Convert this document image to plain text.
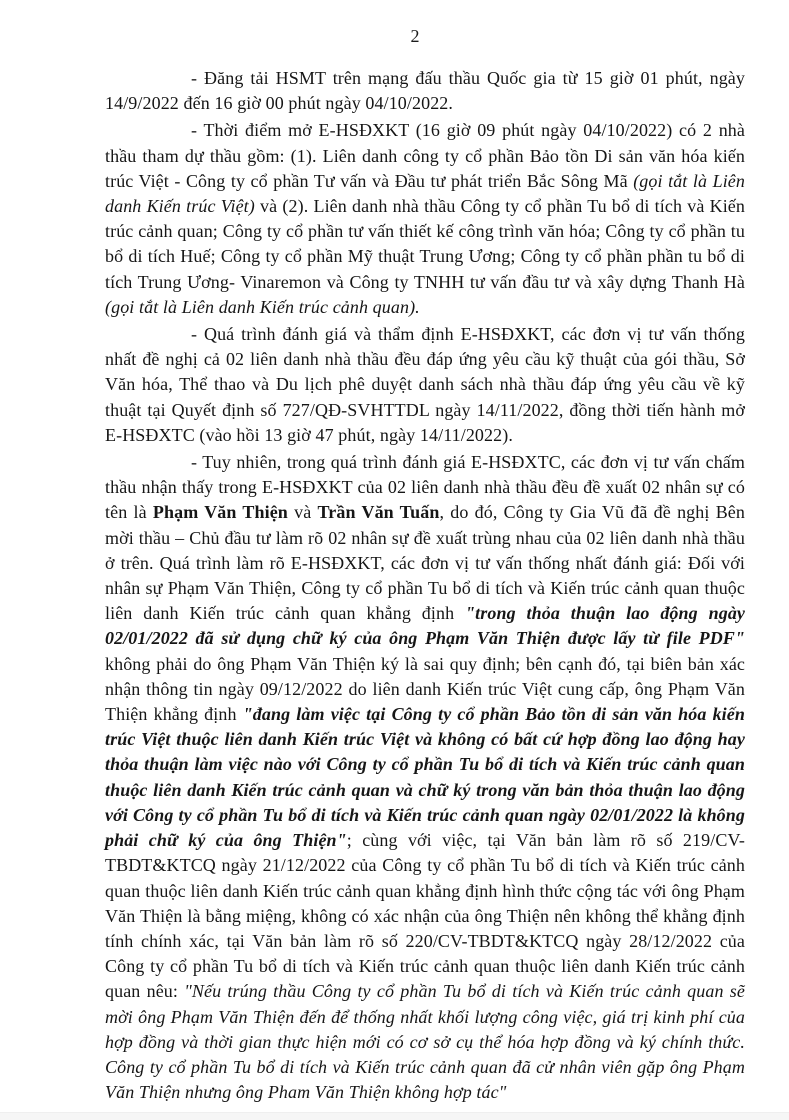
2

- Đăng tải HSMT trên mạng đấu thầu Quốc gia từ 15 giờ 01 phút, ngày 14/9/2022 đến 16 giờ 00 phút ngày 04/10/2022.

- Thời điểm mở E-HSĐXKT (16 giờ 09 phút ngày 04/10/2022) có 2 nhà thầu tham dự thầu gồm: (1). Liên danh công ty cổ phần Bảo tồn Di sản văn hóa kiến trúc Việt - Công ty cổ phần Tư vấn và Đầu tư phát triển Bắc Sông Mã (gọi tắt là Liên danh Kiến trúc Việt) và (2). Liên danh nhà thầu Công ty cổ phần Tu bổ di tích và Kiến trúc cảnh quan; Công ty cổ phần tư vấn thiết kế công trình văn hóa; Công ty cổ phần tu bổ di tích Huế; Công ty cổ phần Mỹ thuật Trung Ương; Công ty cổ phần phần tu bổ di tích Trung Ương- Vinaremon và Công ty TNHH tư vấn đầu tư và xây dựng Thanh Hà (gọi tắt là Liên danh Kiến trúc cảnh quan).

- Quá trình đánh giá và thẩm định E-HSĐXKT, các đơn vị tư vấn thống nhất đề nghị cả 02 liên danh nhà thầu đều đáp ứng yêu cầu kỹ thuật của gói thầu, Sở Văn hóa, Thể thao và Du lịch phê duyệt danh sách nhà thầu đáp ứng yêu cầu về kỹ thuật tại Quyết định số 727/QĐ-SVHTTDL ngày 14/11/2022, đồng thời tiến hành mở E-HSĐXTC (vào hồi 13 giờ 47 phút, ngày 14/11/2022).

- Tuy nhiên, trong quá trình đánh giá E-HSĐXTC, các đơn vị tư vấn chấm thầu nhận thấy trong E-HSĐXKT của 02 liên danh nhà thầu đều đề xuất 02 nhân sự có tên là Phạm Văn Thiện và Trần Văn Tuấn, do đó, Công ty Gia Vũ đã đề nghị Bên mời thầu – Chủ đầu tư làm rõ 02 nhân sự đề xuất trùng nhau của 02 liên danh nhà thầu ở trên. Quá trình làm rõ E-HSĐXKT, các đơn vị tư vấn thống nhất đánh giá: Đối với nhân sự Phạm Văn Thiện, Công ty cổ phần Tu bổ di tích và Kiến trúc cảnh quan thuộc liên danh Kiến trúc cảnh quan khẳng định "trong thỏa thuận lao động ngày 02/01/2022 đã sử dụng chữ ký của ông Phạm Văn Thiện được lấy từ file PDF" không phải do ông Phạm Văn Thiện ký là sai quy định; bên cạnh đó, tại biên bản xác nhận thông tin ngày 09/12/2022 do liên danh Kiến trúc Việt cung cấp, ông Phạm Văn Thiện khẳng định "đang làm việc tại Công ty cổ phần Bảo tồn di sản văn hóa kiến trúc Việt thuộc liên danh Kiến trúc Việt và không có bất cứ hợp đồng lao động hay thỏa thuận làm việc nào với Công ty cổ phần Tu bổ di tích và Kiến trúc cảnh quan thuộc liên danh Kiến trúc cảnh quan và chữ ký trong văn bản thỏa thuận lao động với Công ty cổ phần Tu bổ di tích và Kiến trúc cảnh quan ngày 02/01/2022 là không phải chữ ký của ông Thiện"; cùng với việc, tại Văn bản làm rõ số 219/CV-TBDT&KTCQ ngày 21/12/2022 của Công ty cổ phần Tu bổ di tích và Kiến trúc cảnh quan thuộc liên danh Kiến trúc cảnh quan khẳng định hình thức cộng tác với ông Phạm Văn Thiện là bằng miệng, không có xác nhận của ông Thiện nên không thể khẳng định tính chính xác, tại Văn bản làm rõ số 220/CV-TBDT&KTCQ ngày 28/12/2022 của Công ty cổ phần Tu bổ di tích và Kiến trúc cảnh quan thuộc liên danh Kiến trúc cảnh quan nêu: "Nếu trúng thầu Công ty cổ phần Tu bổ di tích và Kiến trúc cảnh quan sẽ mời ông Phạm Văn Thiện đến để thống nhất khối lượng công việc, giá trị kinh phí của hợp đồng và thời gian thực hiện mới có cơ sở cụ thể hóa hợp đồng và ký chính thức. Công ty cổ phần Tu bổ di tích và Kiến trúc cảnh quan đã cử nhân viên gặp ông Phạm Văn Thiện nhưng ông Pham Văn Thiện không hợp tác"
